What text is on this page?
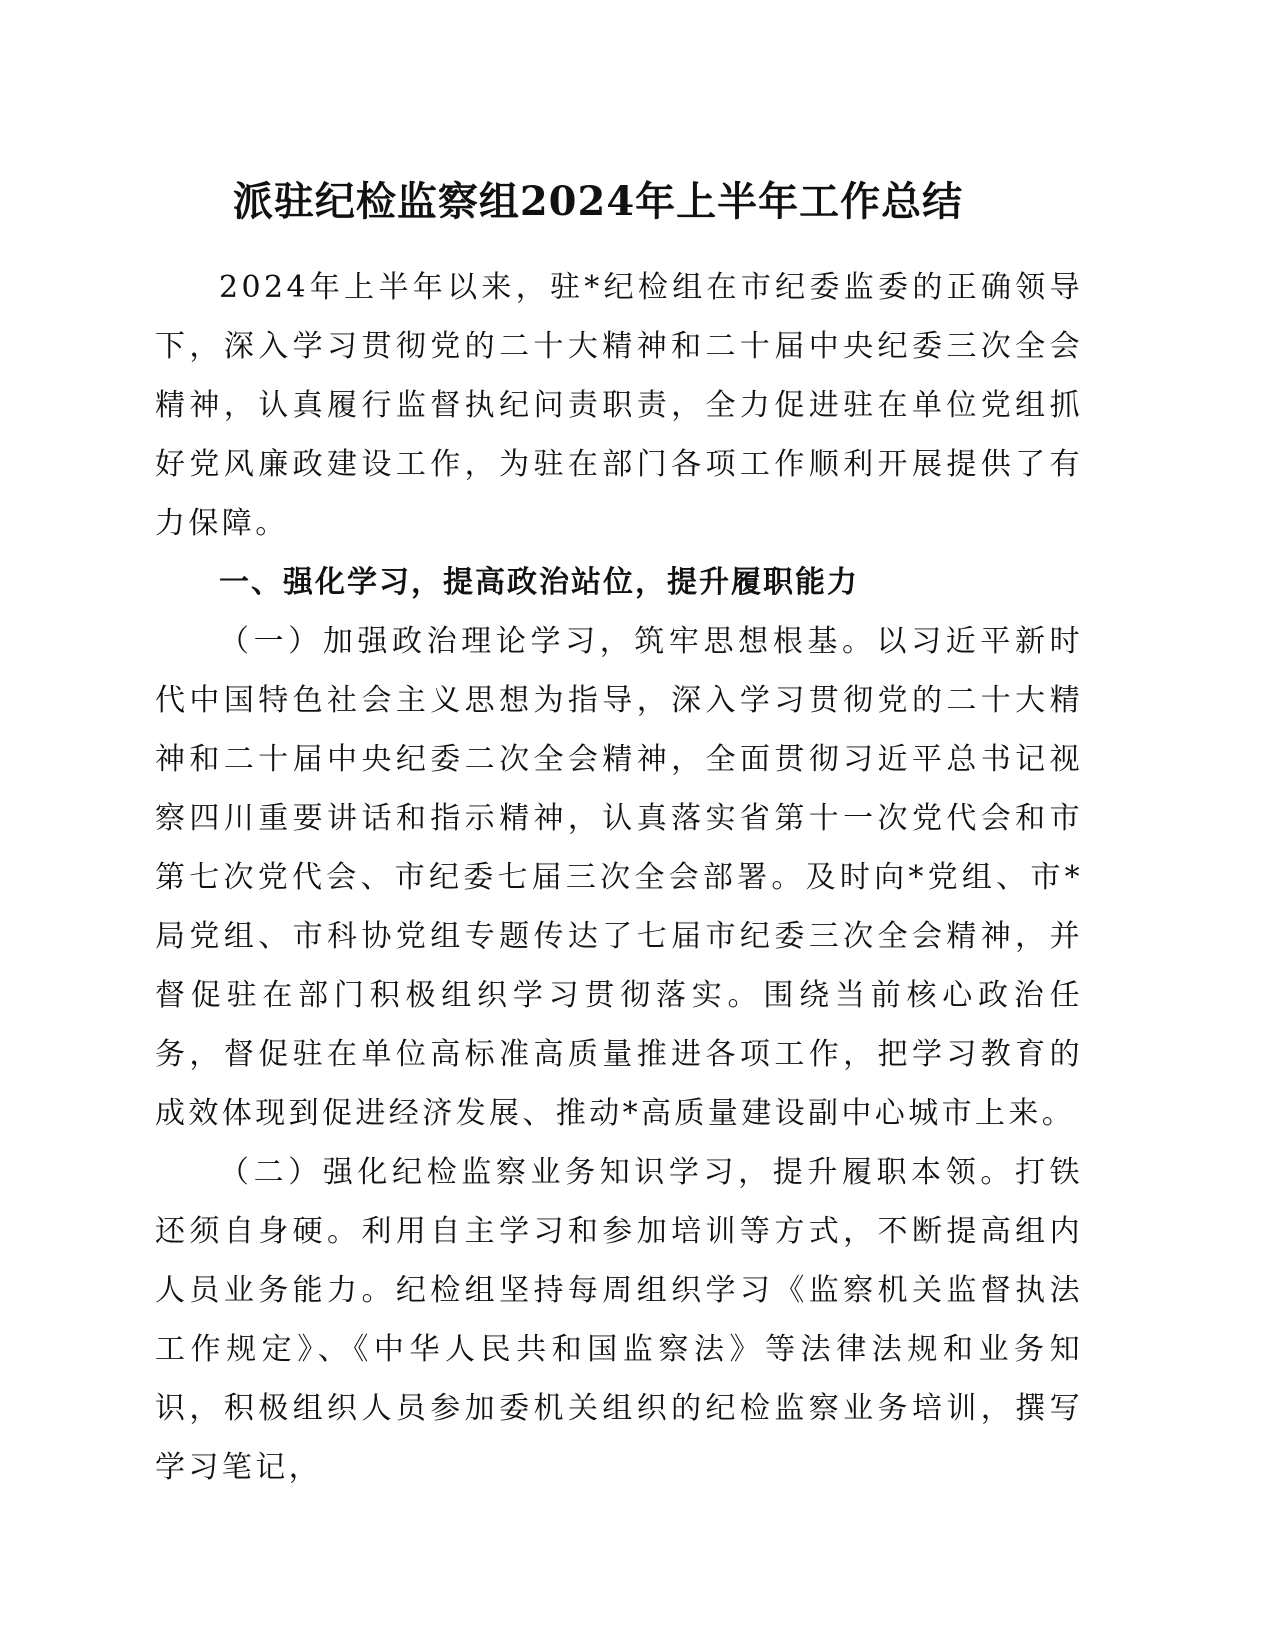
派驻纪检监察组2024年上半年工作总结

2024年上半年以来，驻*纪检组在市纪委监委的正确领导下，深入学习贯彻党的二十大精神和二十届中央纪委三次全会精神，认真履行监督执纪问责职责，全力促进驻在单位党组抓好党风廉政建设工作，为驻在部门各项工作顺利开展提供了有力保障。

一、强化学习，提高政治站位，提升履职能力

（一）加强政治理论学习，筑牢思想根基。以习近平新时代中国特色社会主义思想为指导，深入学习贯彻党的二十大精神和二十届中央纪委二次全会精神，全面贯彻习近平总书记视察四川重要讲话和指示精神，认真落实省第十一次党代会和市第七次党代会、市纪委七届三次全会部署。及时向*党组、市*局党组、市科协党组专题传达了七届市纪委三次全会精神，并督促驻在部门积极组织学习贯彻落实。围绕当前核心政治任务，督促驻在单位高标准高质量推进各项工作，把学习教育的成效体现到促进经济发展、推动*高质量建设副中心城市上来。

（二）强化纪检监察业务知识学习，提升履职本领。打铁还须自身硬。利用自主学习和参加培训等方式，不断提高组内人员业务能力。纪检组坚持每周组织学习《监察机关监督执法工作规定》、《中华人民共和国监察法》等法律法规和业务知识，积极组织人员参加委机关组织的纪检监察业务培训，撰写学习笔记，
